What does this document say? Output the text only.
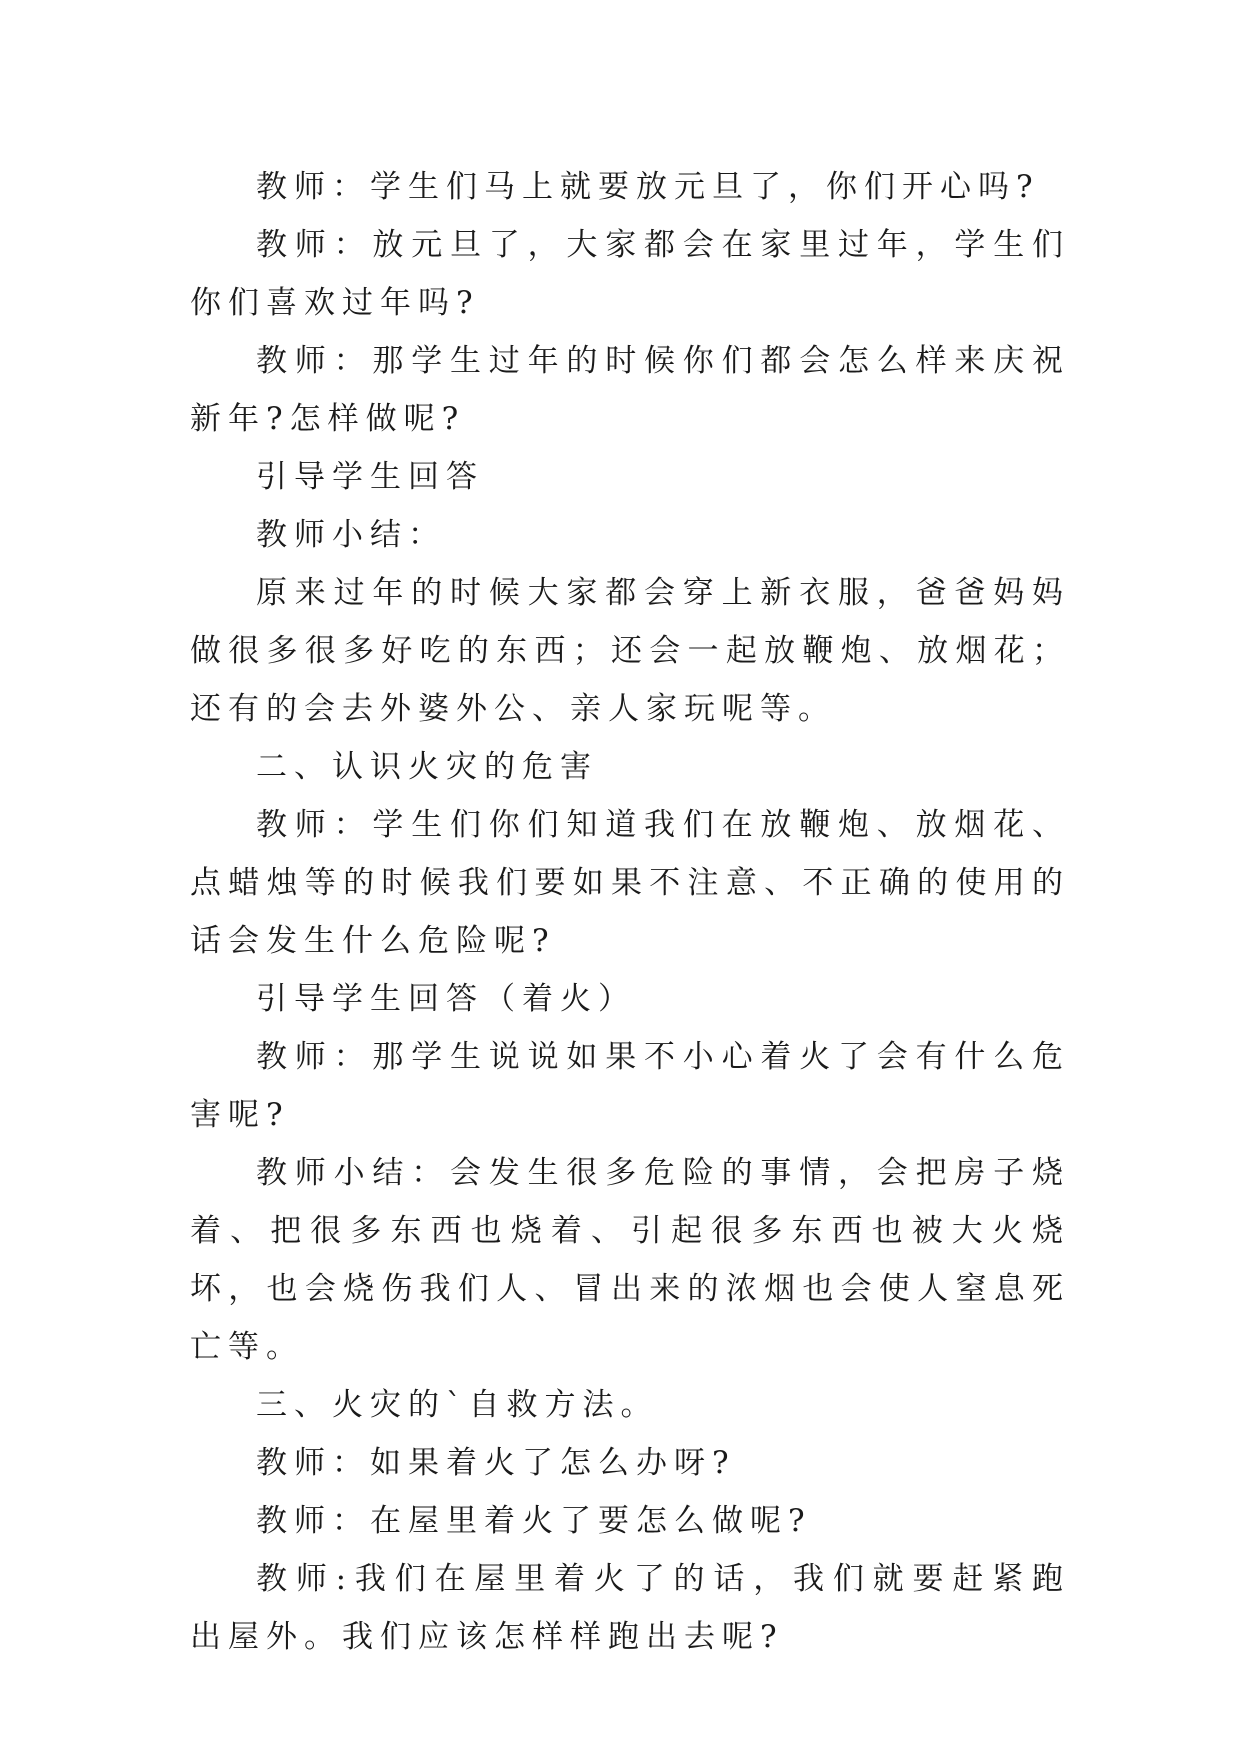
教师：学生们马上就要放元旦了，你们开心吗?

教师：放元旦了，大家都会在家里过年，学生们你们喜欢过年吗?

教师：那学生过年的时候你们都会怎么样来庆祝新年?怎样做呢?

引导学生回答

教师小结：

原来过年的时候大家都会穿上新衣服，爸爸妈妈做很多很多好吃的东西；还会一起放鞭炮、放烟花；还有的会去外婆外公、亲人家玩呢等。

二、认识火灾的危害

教师：学生们你们知道我们在放鞭炮、放烟花、点蜡烛等的时候我们要如果不注意、不正确的使用的话会发生什么危险呢?

引导学生回答（着火）

教师：那学生说说如果不小心着火了会有什么危害呢?

教师小结：会发生很多危险的事情，会把房子烧着、把很多东西也烧着、引起很多东西也被大火烧坏，也会烧伤我们人、冒出来的浓烟也会使人窒息死亡等。

三、火灾的`自救方法。

教师：如果着火了怎么办呀?

教师：在屋里着火了要怎么做呢?

教师:我们在屋里着火了的话，我们就要赶紧跑出屋外。我们应该怎样样跑出去呢?
